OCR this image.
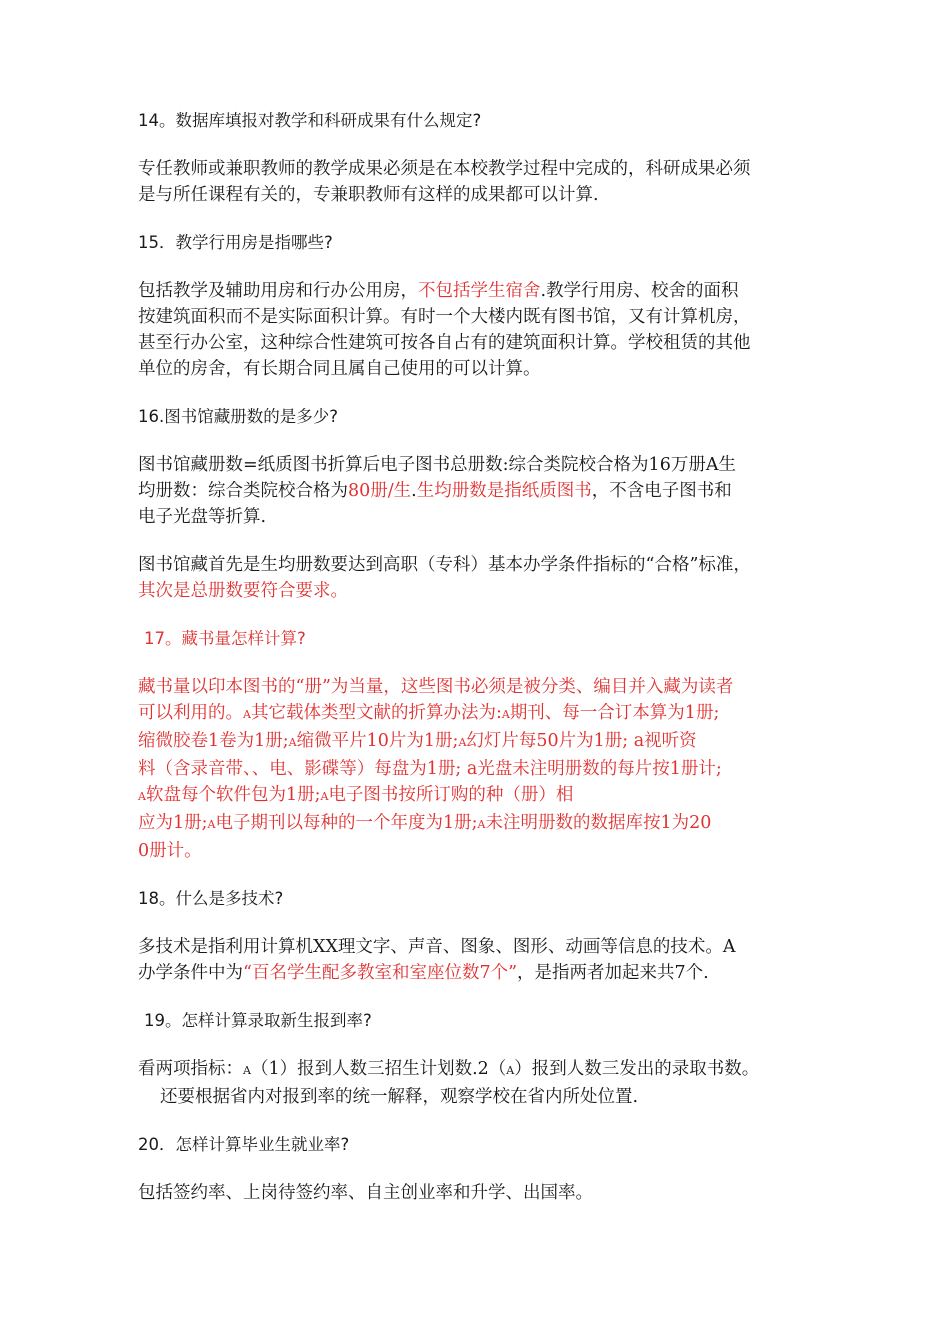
14。数据库填报对教学和科研成果有什么规定?
专任教师或兼职教师的教学成果必须是在本校教学过程中完成的，科研成果必须
是与所任课程有关的，专兼职教师有这样的成果都可以计算.
15．教学行用房是指哪些?
包括教学及辅助用房和行办公用房，不包括学生宿舍.教学行用房、校舍的面积
按建筑面积而不是实际面积计算。有时一个大楼内既有图书馆，又有计算机房，
甚至行办公室，这种综合性建筑可按各自占有的建筑面积计算。学校租赁的其他
单位的房舍，有长期合同且属自己使用的可以计算。
16.图书馆藏册数的是多少?
图书馆藏册数=纸质图书折算后电子图书总册数:综合类院校合格为16万册A生
均册数：综合类院校合格为80册/生.生均册数是指纸质图书，不含电子图书和
电子光盘等折算.
图书馆藏首先是生均册数要达到高职（专科）基本办学条件指标的“合格”标准，
其次是总册数要符合要求。
17。藏书量怎样计算?
藏书量以印本图书的“册”为当量，这些图书必须是被分类、编目并入藏为读者
可以利用的。A其它载体类型文献的折算办法为:A期刊、每一合订本算为1册;
缩微胶卷1卷为1册;A缩微平片10片为1册;A幻灯片每50片为1册; a视听资
料（含录音带、、电、影碟等）每盘为1册; a光盘未注明册数的每片按1册计;
A软盘每个软件包为1册;A电子图书按所订购的种（册）相
应为1册;A电子期刊以每种的一个年度为1册;A未注明册数的数据库按1为20
0册计。
18。什么是多技术?
多技术是指利用计算机XX理文字、声音、图象、图形、动画等信息的技术。A
办学条件中为“百名学生配多教室和室座位数7个”，是指两者加起来共7个.
19。怎样计算录取新生报到率?
看两项指标：A（1）报到人数三招生计划数.2（A）报到人数三发出的录取书数。
还要根据省内对报到率的统一解释，观察学校在省内所处位置.
20．怎样计算毕业生就业率?
包括签约率、上岗待签约率、自主创业率和升学、出国率。
